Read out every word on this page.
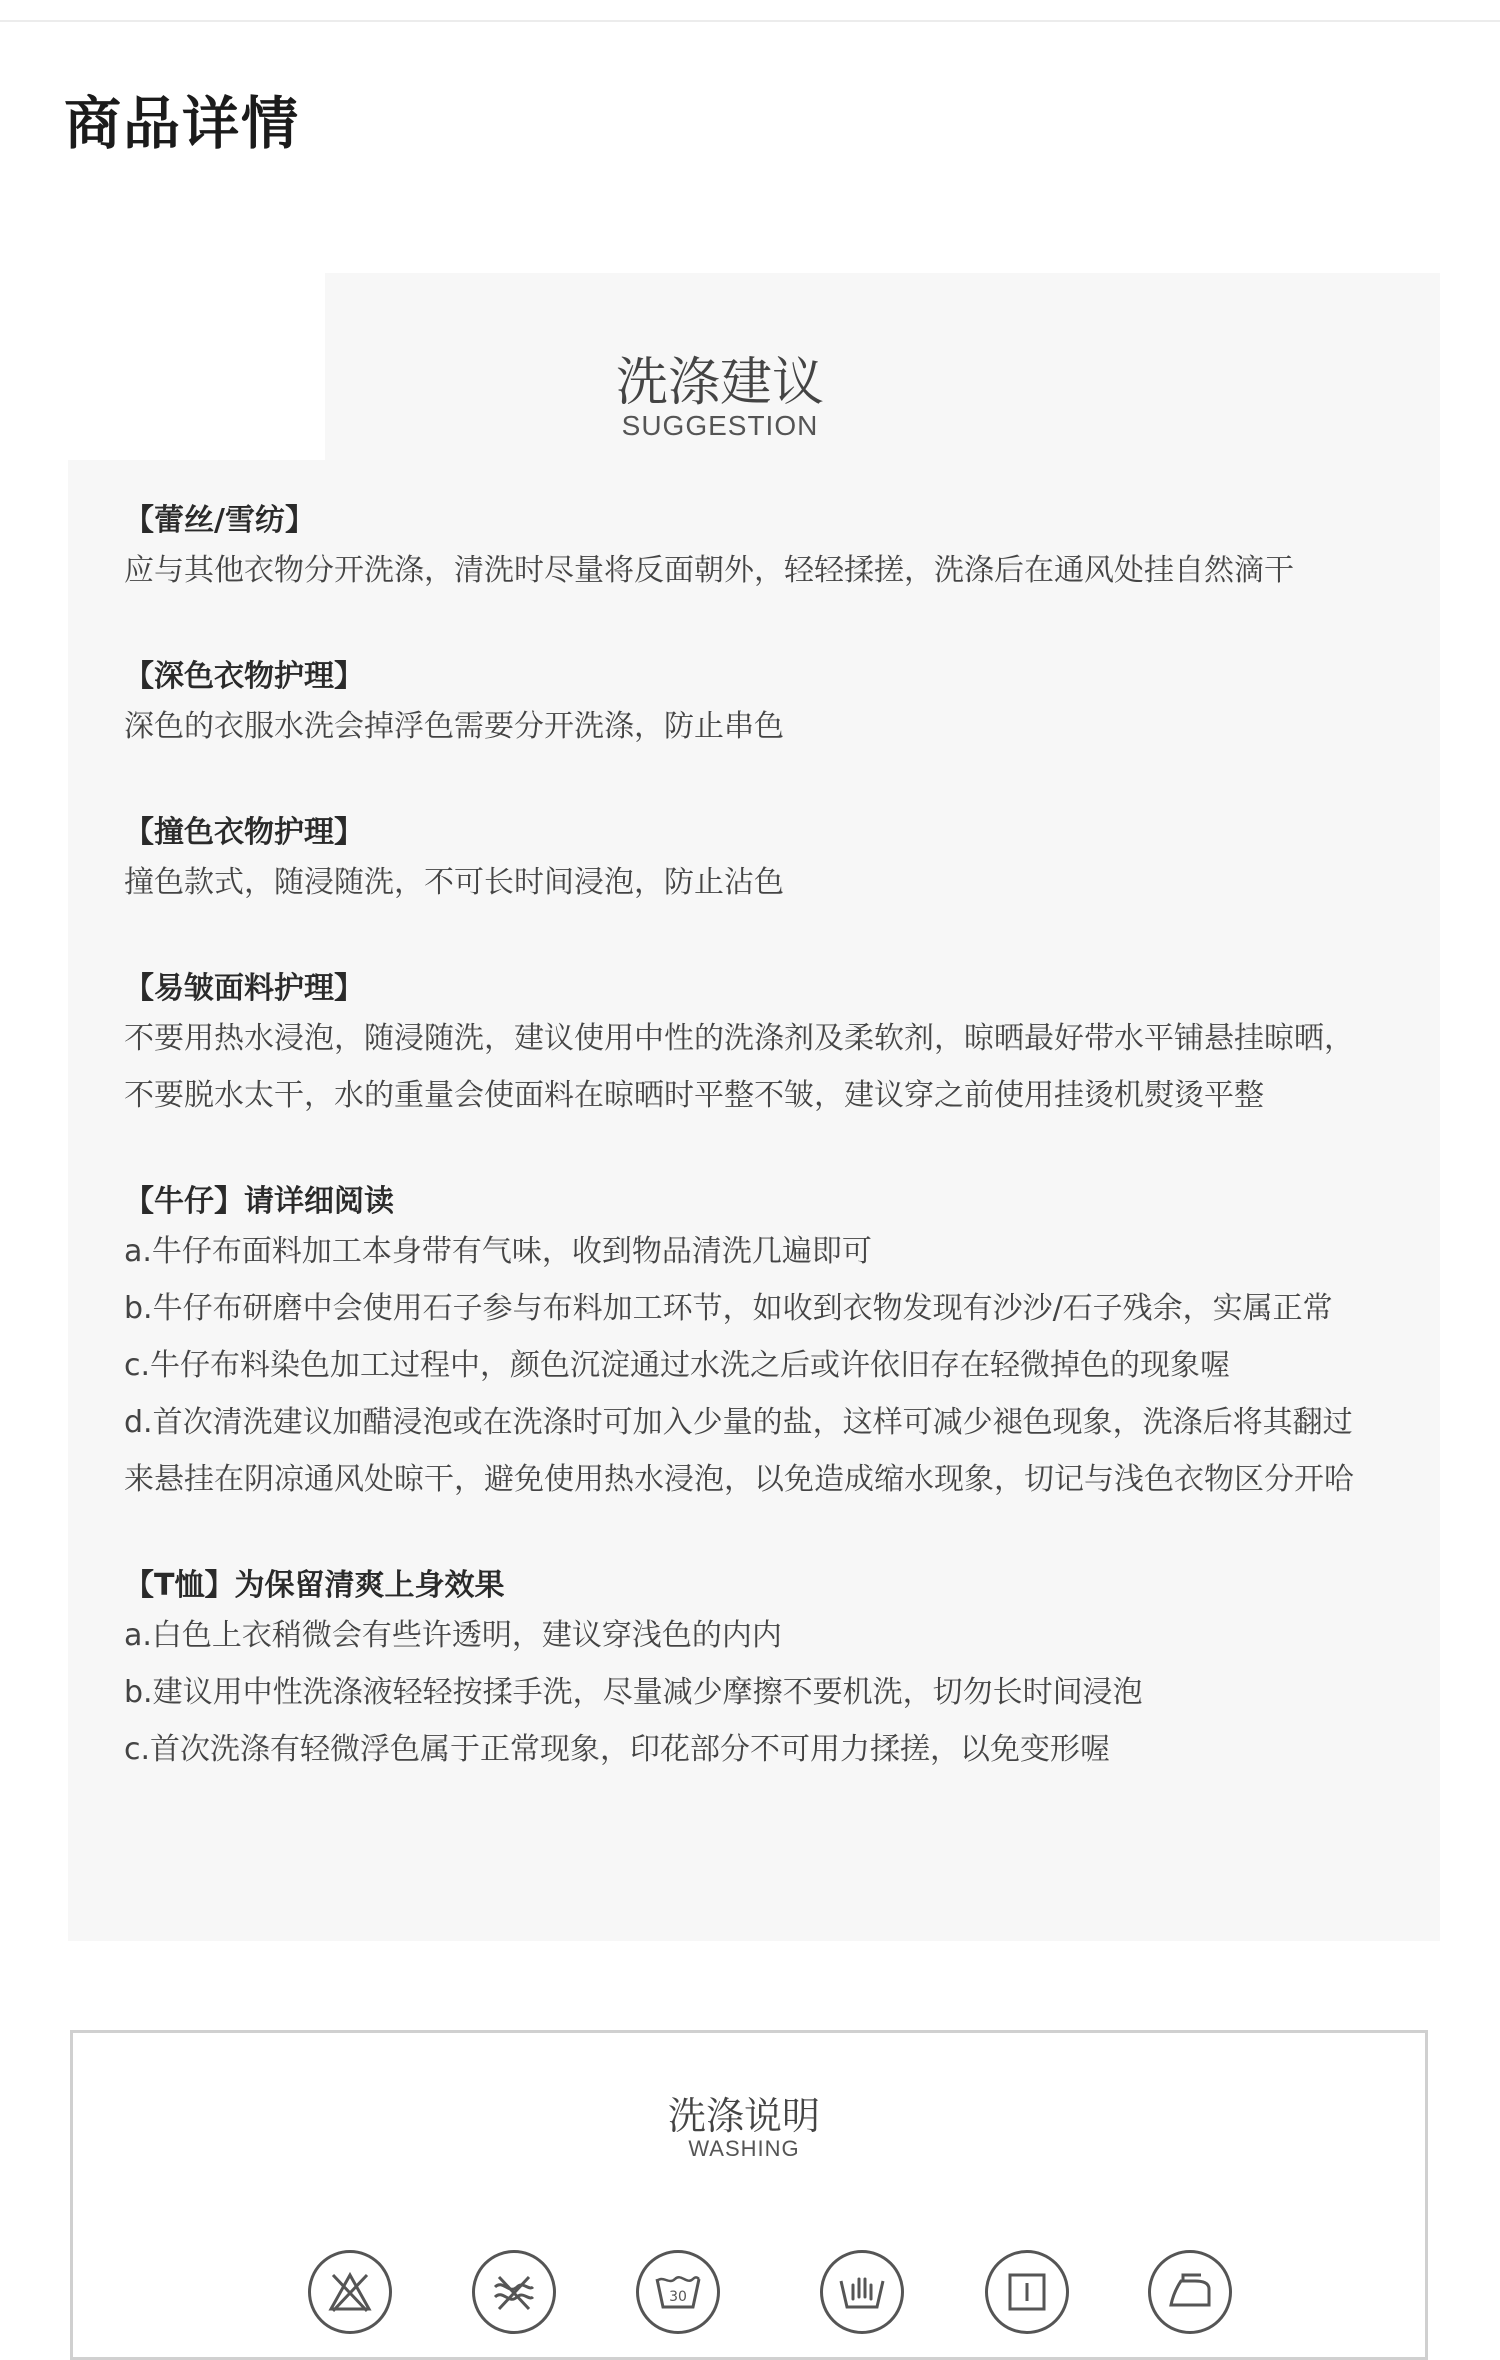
商品详情
洗涤建议
SUGGESTION
【蕾丝/雪纺】
应与其他衣物分开洗涤，清洗时尽量将反面朝外，轻轻揉搓，洗涤后在通风处挂自然滴干
【深色衣物护理】
深色的衣服水洗会掉浮色需要分开洗涤，防止串色
【撞色衣物护理】
撞色款式，随浸随洗，不可长时间浸泡，防止沾色
【易皱面料护理】
不要用热水浸泡，随浸随洗，建议使用中性的洗涤剂及柔软剂，晾晒最好带水平铺悬挂晾晒，
不要脱水太干，水的重量会使面料在晾晒时平整不皱，建议穿之前使用挂烫机熨烫平整
【牛仔】请详细阅读
a.牛仔布面料加工本身带有气味，收到物品清洗几遍即可
b.牛仔布研磨中会使用石子参与布料加工环节，如收到衣物发现有沙沙/石子残余，实属正常
c.牛仔布料染色加工过程中，颜色沉淀通过水洗之后或许依旧存在轻微掉色的现象喔
d.首次清洗建议加醋浸泡或在洗涤时可加入少量的盐，这样可减少褪色现象，洗涤后将其翻过
来悬挂在阴凉通风处晾干，避免使用热水浸泡，以免造成缩水现象，切记与浅色衣物区分开哈
【T恤】为保留清爽上身效果
a.白色上衣稍微会有些许透明，建议穿浅色的内内
b.建议用中性洗涤液轻轻按揉手洗，尽量减少摩擦不要机洗，切勿长时间浸泡
c.首次洗涤有轻微浮色属于正常现象，印花部分不可用力揉搓，以免变形喔
洗涤说明
WASHING
30
